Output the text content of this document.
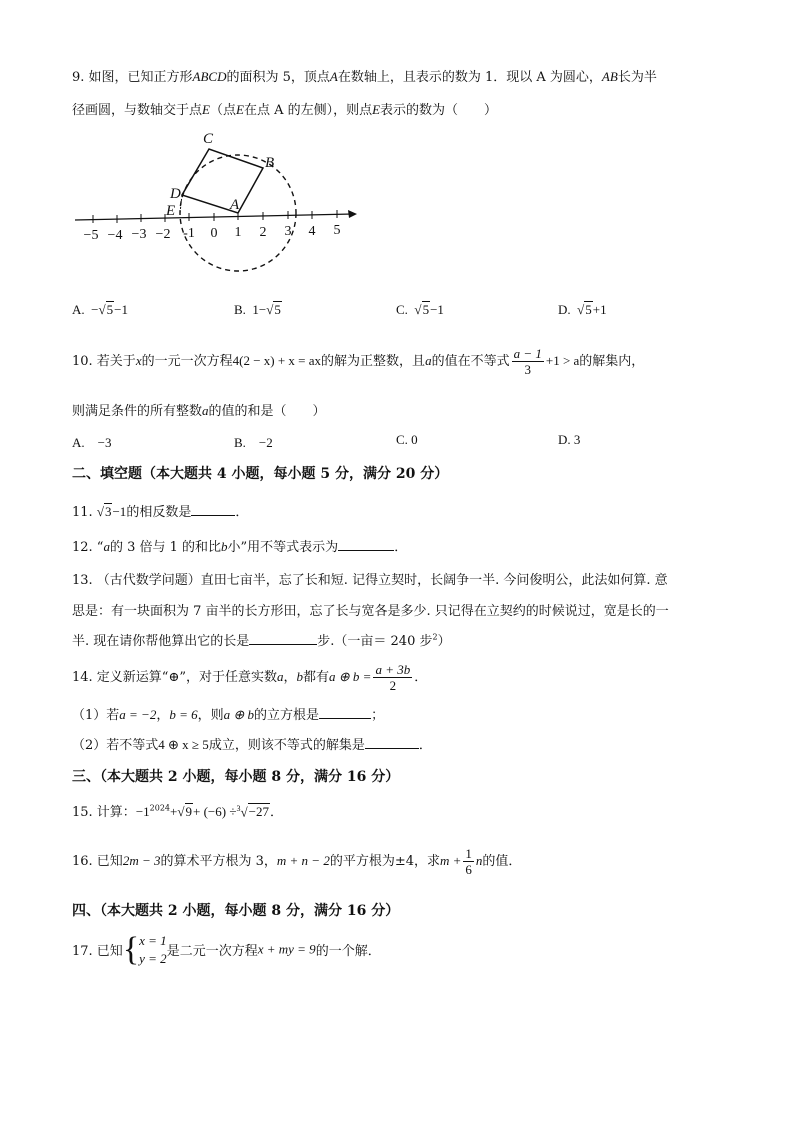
9. 如图，已知正方形ABCD的面积为 5，顶点A在数轴上，且表示的数为 1．现以 A 为圆心，AB长为半
径画圆，与数轴交于点E（点E在点 A 的左侧），则点E表示的数为（　　）
C
B
D
E	A
−5 −4 −3 −2 -1 0 1 2 3 4 5
A. −√5−1	B. 1−√5	C. √5−1	D. √5+1
10. 若关于x的一元一次方程4(2 − x) + x = ax的解为正整数，且a的值在不等式 $\frac{a - 1}{3} +1 > a$的解集内，
则满足条件的所有整数a的值的和是（　　）
A.　−3	B.　−2	C. 0	D. 3
二、填空题（本大题共 4 小题，每小题 5 分，满分 20 分）
11. √3−1的相反数是	．
12. “a的 3 倍与 1 的和比b小”用不等式表示为	．
13. （古代数学问题）直田七亩半，忘了长和短. 记得立契时，长阔争一半. 今问俊明公，此法如何算. 意
思是：有一块面积为 7 亩半的长方形田，忘了长与宽各是多少. 只记得在立契约的时候说过，宽是长的一
半. 现在请你帮他算出它的长是	步.（一亩＝ 240 步$^2$）
14. 定义新运算“⊕”，对于任意实数a，b都有a ⊕ $b = \frac{a + 3b}{2}$ ．
（1）若a = −2，b = 6，则a ⊕ b的立方根是	；
（2）若不等式4 ⊕ x ≥ 5成立，则该不等式的解集是	．
三、（本大题共 2 小题，每小题 8 分，满分 16 分）
15. 计算：$-1^{2024}+√9+ (-6) \div^3√-27$．
16. 已知2m − 3的算术平方根为 3，m + n − 2的平方根为±4，求$m + \frac{1}{6}$ n的值．
四、（本大题共 2 小题，每小题 8 分，满分 16 分）
17. 已知{x = 1
y = 2是二元一次方程x + my = 9的一个解．
